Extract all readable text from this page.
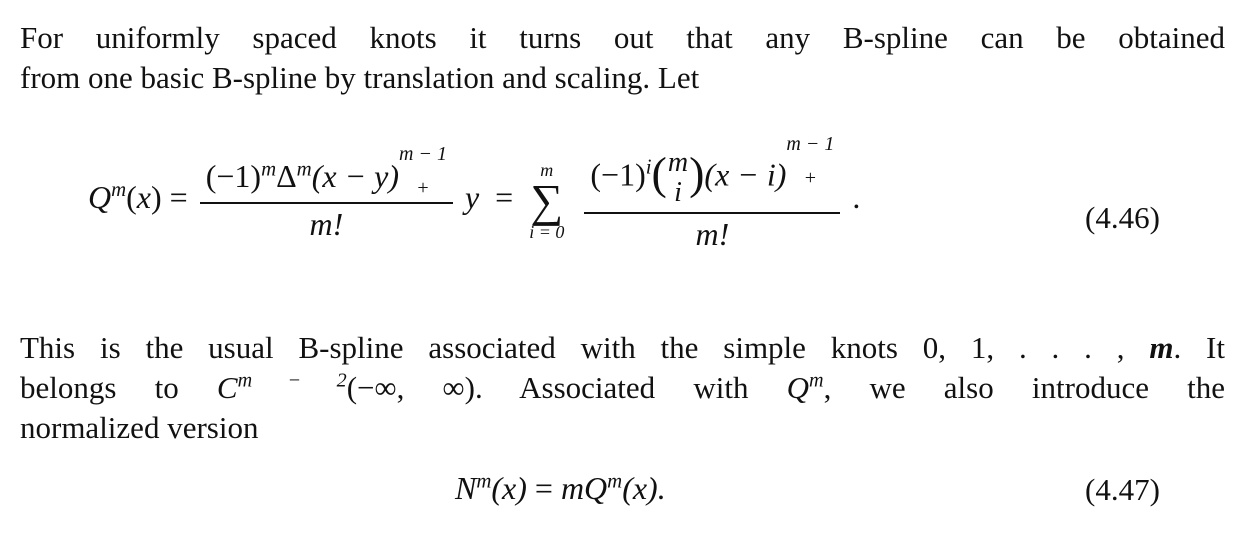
For uniformly spaced knots it turns out that any B-spline can be obtained
from one basic B-spline by translation and scaling. Let
$Q^m(x)$ =
$(-1)^m\Delta^m(x - y)m - 1$
+
m!
y  =
m
∑
i = 0

$(-1)^i$( m
i )(x − i)m − 1
+
m!
.
(4.46)
This is the usual B-spline associated with the simple knots 0, 1, . . . , m. It
belongs to $C^{m - 2}(-\infty$, ∞). Associated with $Q^m$, we also introduce the
normalized version
$N^m(x) = mQ^m(x)$.	(4.47)
